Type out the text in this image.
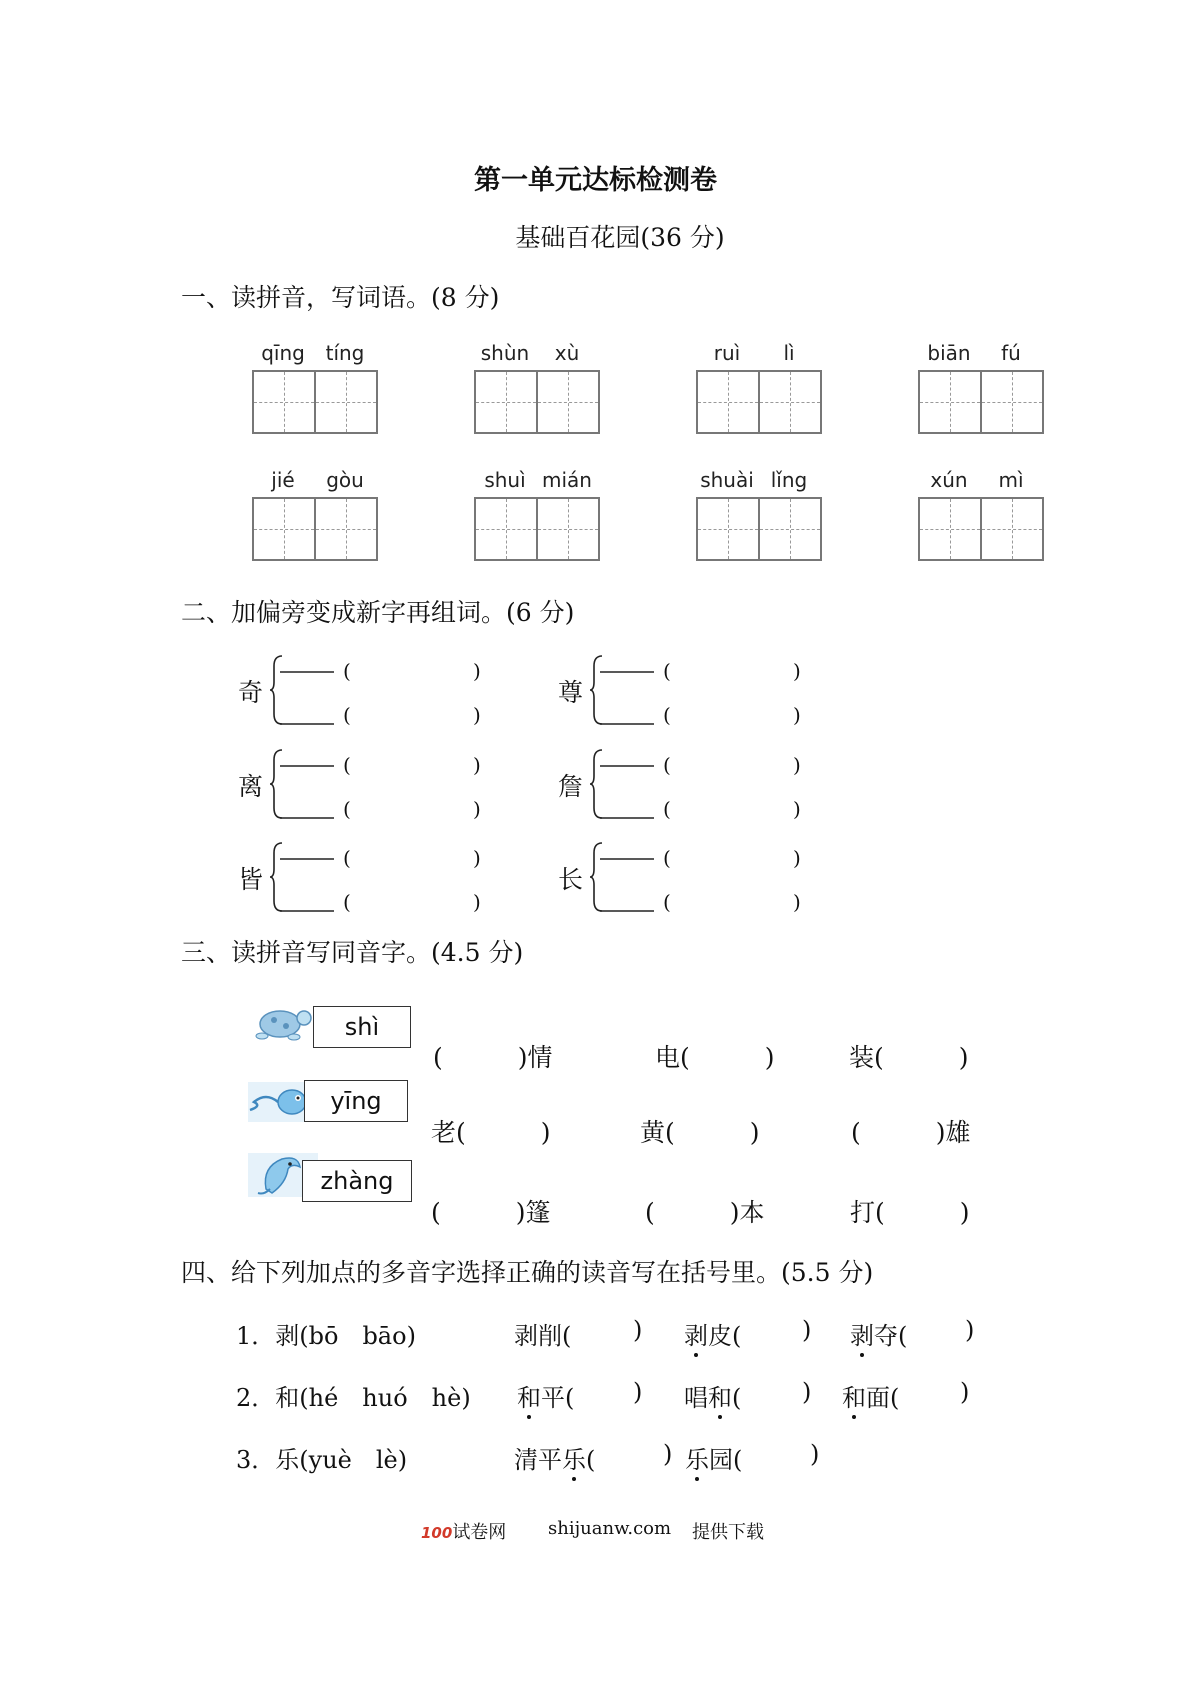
第一单元达标检测卷
基础百花园(36 分)
一、读拼音，写词语。(8 分)
qīng	tíng	shùn	xù	ruì	lì	biān	fú
jié	gòu	shuì mián	shuài lǐng	xún	mì
二、加偏旁变成新字再组词。(6 分)
奇
(	)
(	)
尊
(	)
(	)
离
(	)
(	)
詹
(	)
(	)
皆
(	)
(	)
长
(	)
(	)
三、读拼音写同音字。(4.5 分)
shì
(　　　)情	电(　　　)	装(　　　)
yīng
老(　　　)	黄(　　　)	(　　　)雄
zhàng
(　　　)篷	(　　　)本	打(　　　)
四、给下列加点的多音字选择正确的读音写在括号里。(5.5 分)
1．剥(bō　bāo)	剥削(	) 剥皮(	) 剥夺( )
2．和(hé　huó　hè) 和平( ) 唱和(	) 和面(	)
3．乐(yuè　lè)	清平乐(	) 乐园(	)
100试卷网 shijuanw.com 提供下载
